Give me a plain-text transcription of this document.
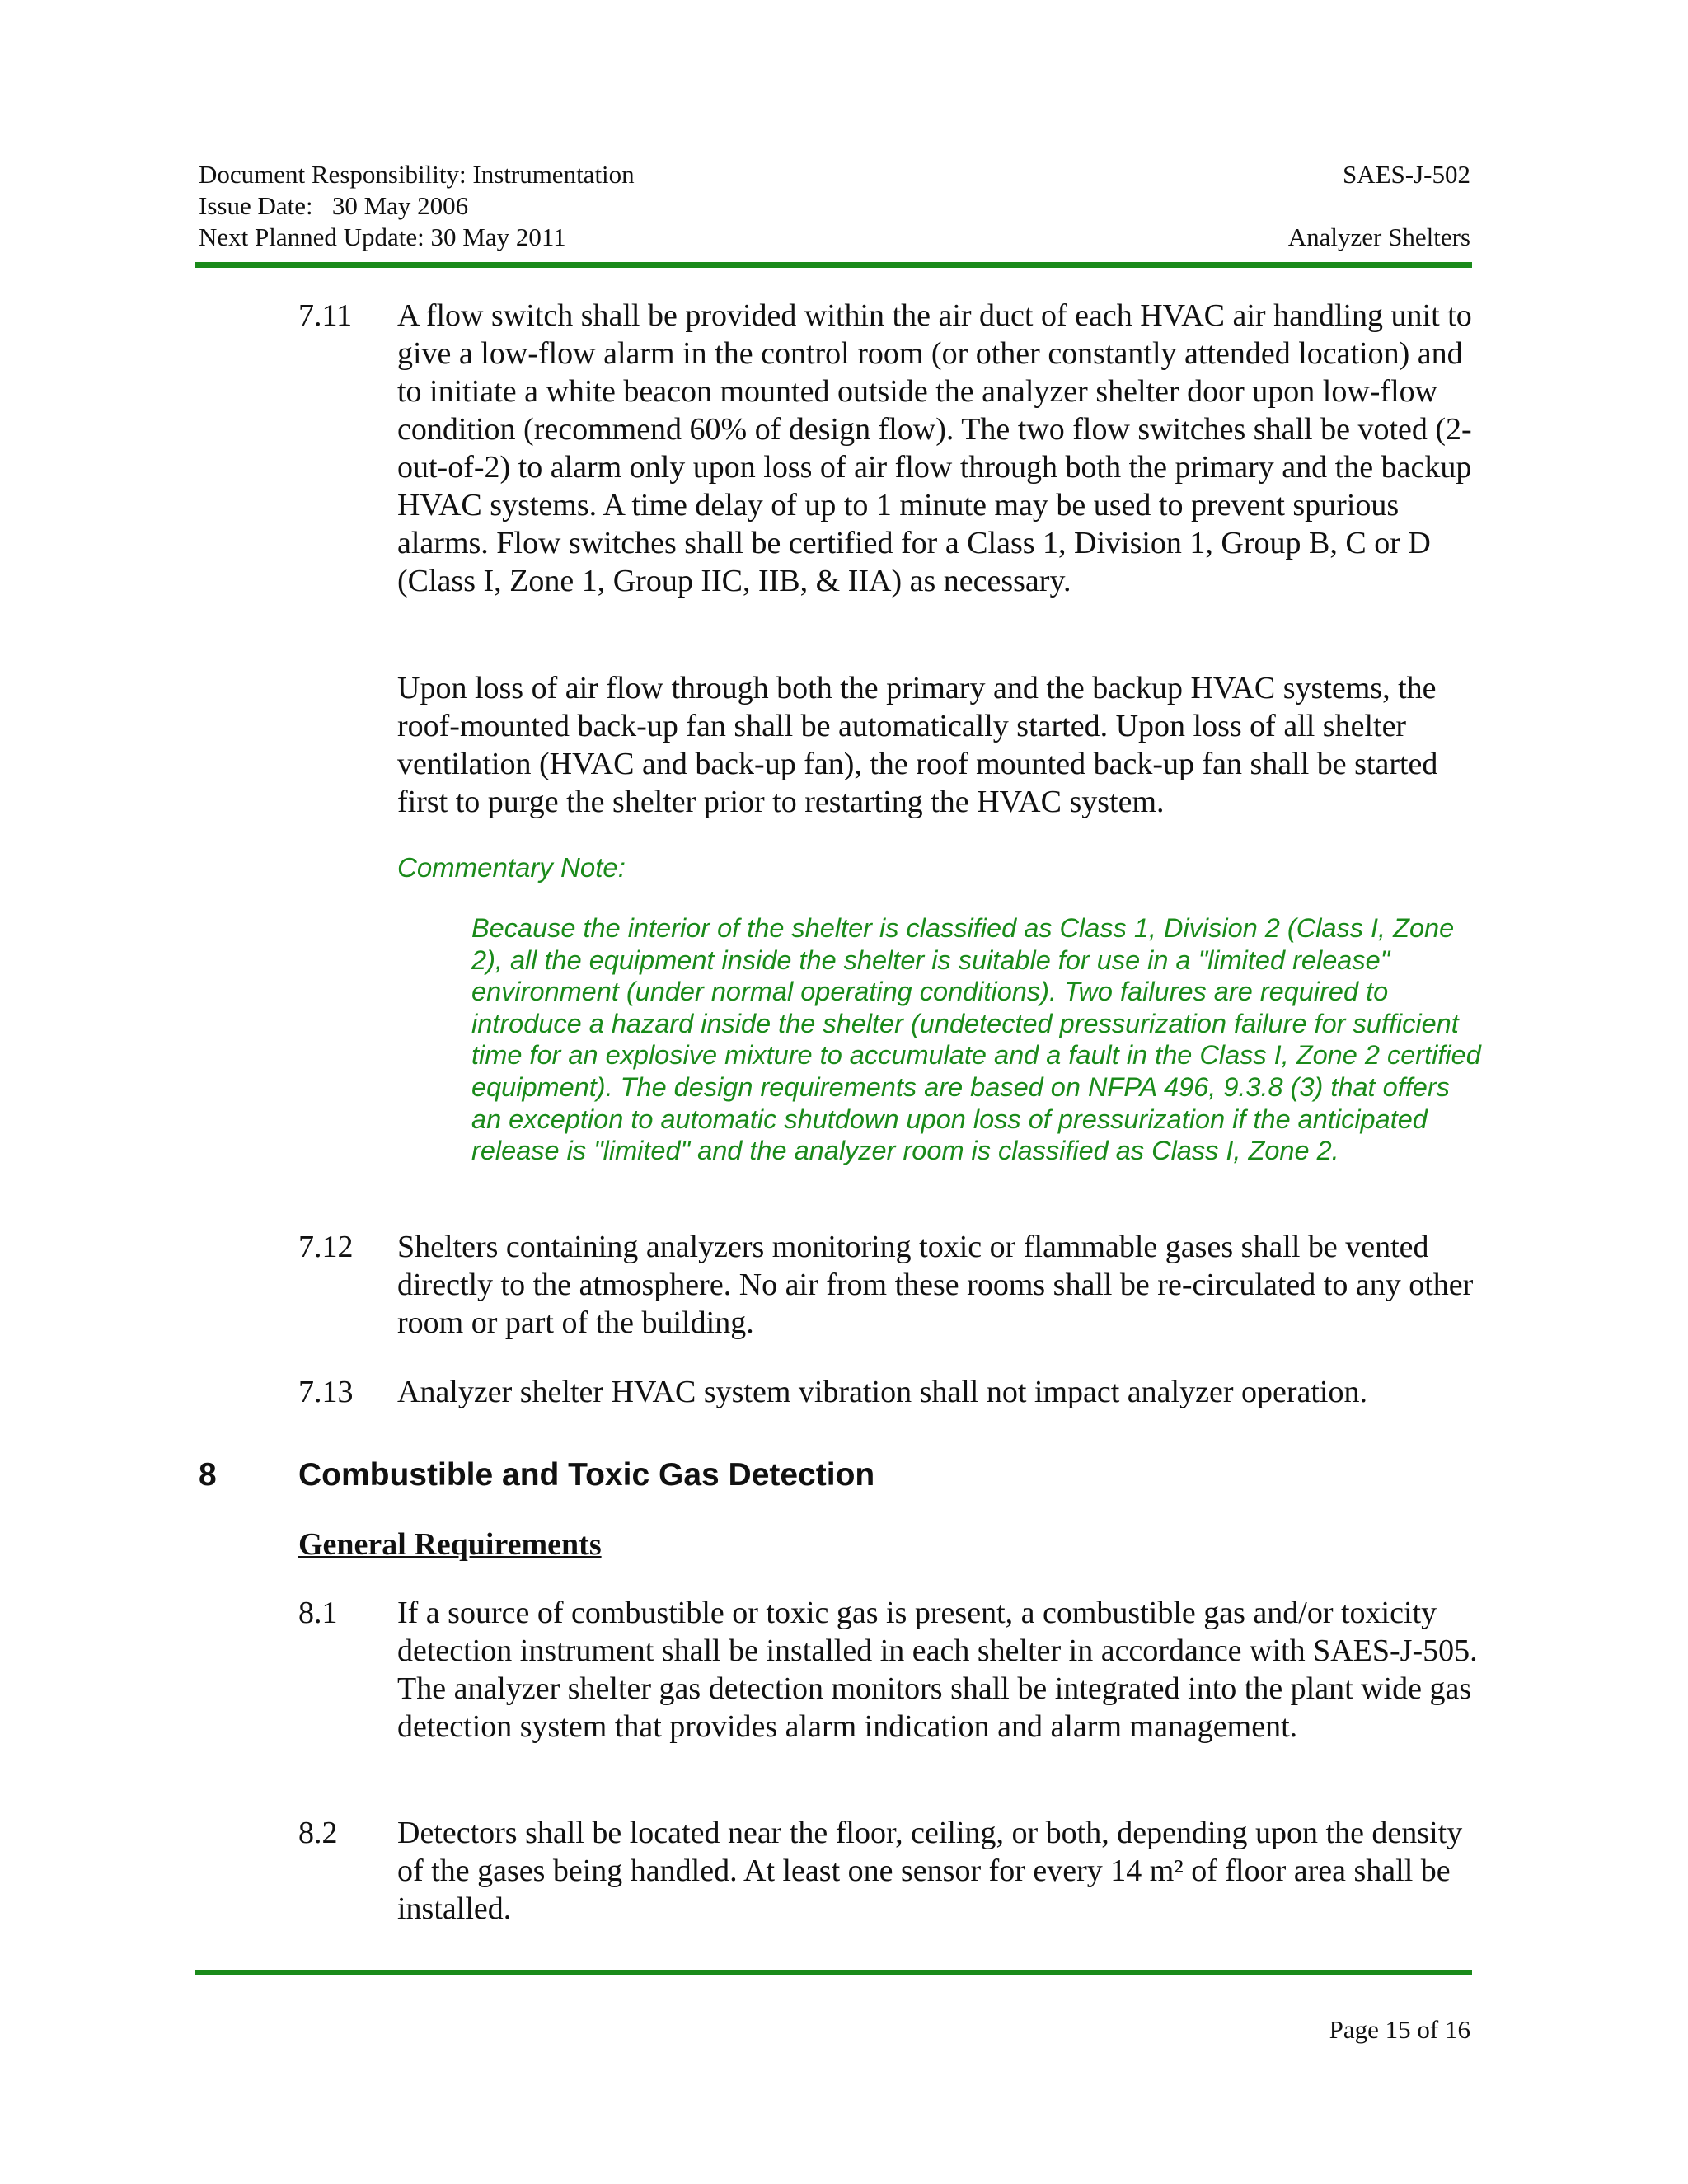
Document Responsibility: Instrumentation
Issue Date:   30 May 2006
Next Planned Update: 30 May 2011
SAES-J-502
Analyzer Shelters
7.11 A flow switch shall be provided within the air duct of each HVAC air handling unit to give a low-flow alarm in the control room (or other constantly attended location) and to initiate a white beacon mounted outside the analyzer shelter door upon low-flow condition (recommend 60% of design flow). The two flow switches shall be voted (2-out-of-2) to alarm only upon loss of air flow through both the primary and the backup HVAC systems. A time delay of up to 1 minute may be used to prevent spurious alarms. Flow switches shall be certified for a Class 1, Division 1, Group B, C or D (Class I, Zone 1, Group IIC, IIB, & IIA) as necessary.
Upon loss of air flow through both the primary and the backup HVAC systems, the roof-mounted back-up fan shall be automatically started. Upon loss of all shelter ventilation (HVAC and back-up fan), the roof mounted back-up fan shall be started first to purge the shelter prior to restarting the HVAC system.
Commentary Note:
Because the interior of the shelter is classified as Class 1, Division 2 (Class I, Zone 2), all the equipment inside the shelter is suitable for use in a "limited release" environment (under normal operating conditions). Two failures are required to introduce a hazard inside the shelter (undetected pressurization failure for sufficient time for an explosive mixture to accumulate and a fault in the Class I, Zone 2 certified equipment). The design requirements are based on NFPA 496, 9.3.8 (3) that offers an exception to automatic shutdown upon loss of pressurization if the anticipated release is "limited" and the analyzer room is classified as Class I, Zone 2.
7.12 Shelters containing analyzers monitoring toxic or flammable gases shall be vented directly to the atmosphere. No air from these rooms shall be re-circulated to any other room or part of the building.
7.13 Analyzer shelter HVAC system vibration shall not impact analyzer operation.
8	Combustible and Toxic Gas Detection
General Requirements
8.1 If a source of combustible or toxic gas is present, a combustible gas and/or toxicity detection instrument shall be installed in each shelter in accordance with SAES-J-505. The analyzer shelter gas detection monitors shall be integrated into the plant wide gas detection system that provides alarm indication and alarm management.
8.2 Detectors shall be located near the floor, ceiling, or both, depending upon the density of the gases being handled. At least one sensor for every 14 m² of floor area shall be installed.
Page 15 of 16
